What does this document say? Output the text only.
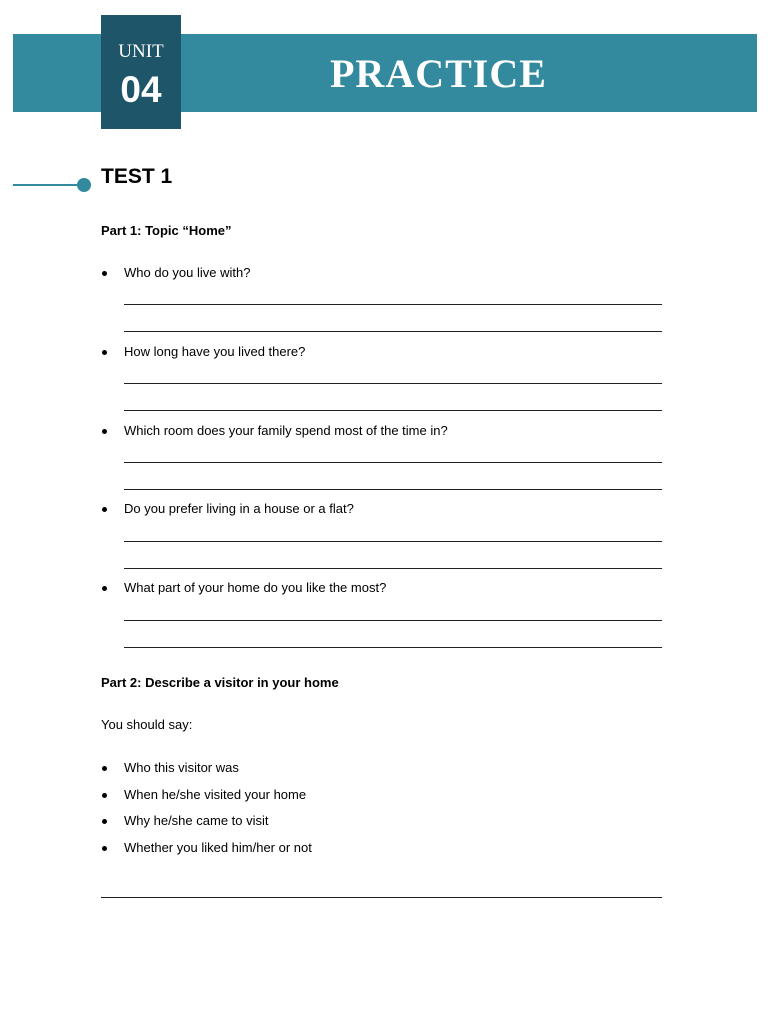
PRACTICE
UNIT
04
TEST 1
Part 1: Topic “Home”
Who do you live with?
How long have you lived there?
Which room does your family spend most of the time in?
Do you prefer living in a house or a flat?
What part of your home do you like the most?
Part 2: Describe a visitor in your home
You should say:
Who this visitor was
When he/she visited your home
Why he/she came to visit
Whether you liked him/her or not
